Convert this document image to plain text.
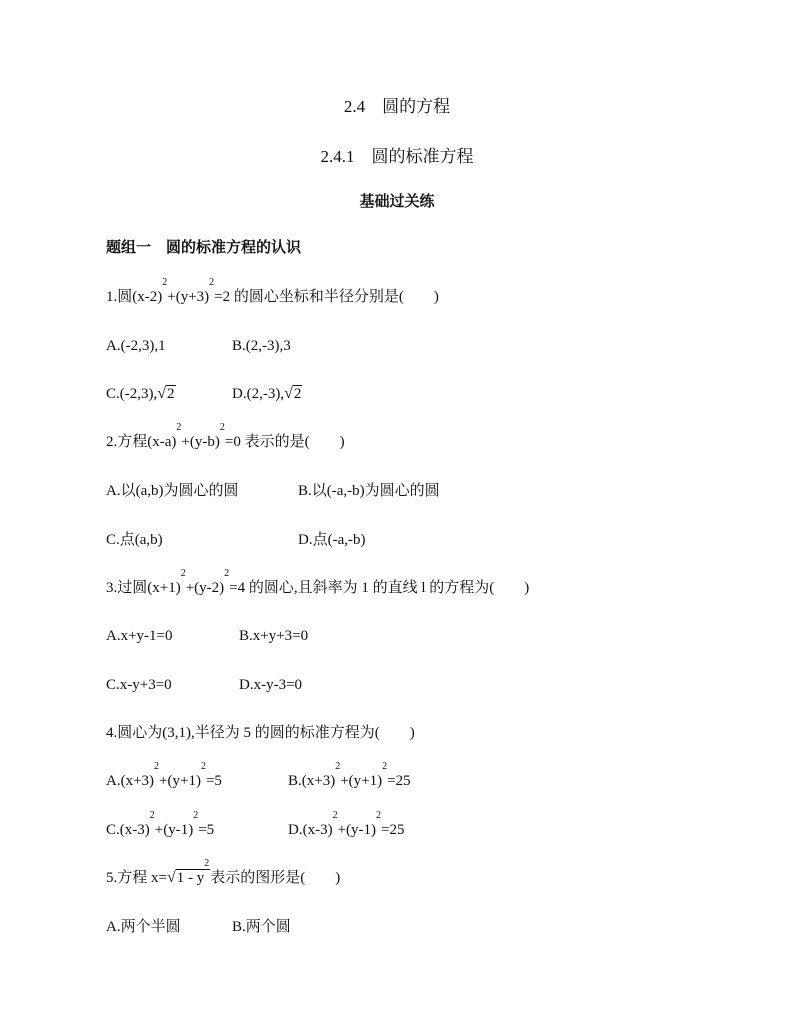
2.4　圆的方程
2.4.1　圆的标准方程
基础过关练
题组一　圆的标准方程的认识
1.圆$(x-2)^2+(y+3)^2=2$ 的圆心坐标和半径分别是(　　)
A.(-2,3),1	B.(2,-3),3
C.(-2,3),√2	D.(2,-3),√2
2.方程$(x-a)^2+(y-b)^2=0$ 表示的是(　　)
A.以(a,b)为圆心的圆	B.以(-a,-b)为圆心的圆
C.点(a,b)	D.点(-a,-b)
3.过圆$(x+1)^2+(y-2)^2=4$ 的圆心,且斜率为 1 的直线 l 的方程为(　　)
A.x+y-1=0	B.x+y+3=0
C.x-y+3=0	D.x-y-3=0
4.圆心为(3,1),半径为 5 的圆的标准方程为(　　)
$A.(x+3)^2+(y+1)^2=5$	$B.(x+3)^2+(y+1)^2=25$
$C.(x-3)^2+(y-1)^2=5$	$D.(x-3)^2+(y-1)^2=25$
5.方程 $x=√1 - y^2$表示的图形是(　　)
A.两个半圆	B.两个圆
